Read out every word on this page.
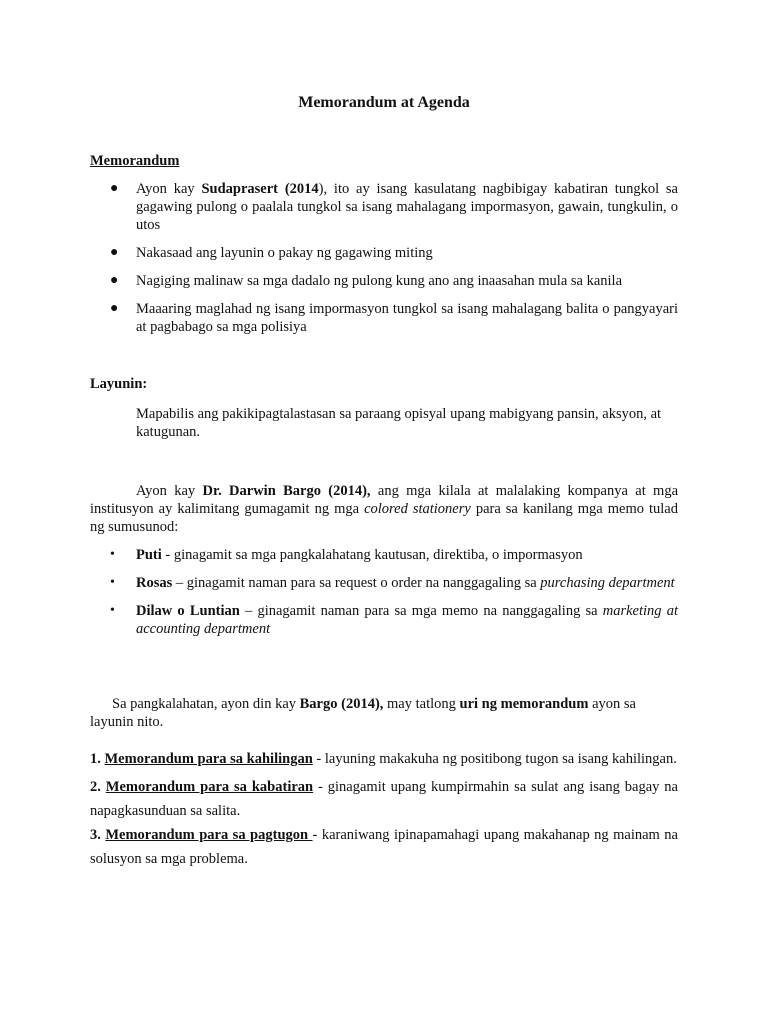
Memorandum at Agenda
Memorandum
● Ayon kay Sudaprasert (2014), ito ay isang kasulatang nagbibigay kabatiran tungkol sa gagawing pulong o paalala tungkol sa isang mahalagang impormasyon, gawain, tungkulin, o utos
● Nakasaad ang layunin o pakay ng gagawing miting
● Nagiging malinaw sa mga dadalo ng pulong kung ano ang inaasahan mula sa kanila
● Maaaring maglahad ng isang impormasyon tungkol sa isang mahalagang balita o pangyayari at pagbabago sa mga polisiya
Layunin:
Mapabilis ang pakikipagtalastasan sa paraang opisyal upang mabigyang pansin, aksyon, at katugunan.
Ayon kay Dr. Darwin Bargo (2014), ang mga kilala at malalaking kompanya at mga institusyon ay kalimitang gumagamit ng mga colored stationery para sa kanilang mga memo tulad ng sumusunod:
• Puti - ginagamit sa mga pangkalahatang kautusan, direktiba, o impormasyon
• Rosas – ginagamit naman para sa request o order na nanggagaling sa purchasing department
• Dilaw o Luntian – ginagamit naman para sa mga memo na nanggagaling sa marketing at accounting department
Sa pangkalahatan, ayon din kay Bargo (2014), may tatlong uri ng memorandum ayon sa layunin nito.

1. Memorandum para sa kahilingan - layuning makakuha ng positibong tugon sa isang kahilingan.

2. Memorandum para sa kabatiran - ginagamit upang kumpirmahin sa sulat ang isang bagay na napagkasunduan sa salita.

3. Memorandum para sa pagtugon - karaniwang ipinapamahagi upang makahanap ng mainam na solusyon sa mga problema.
